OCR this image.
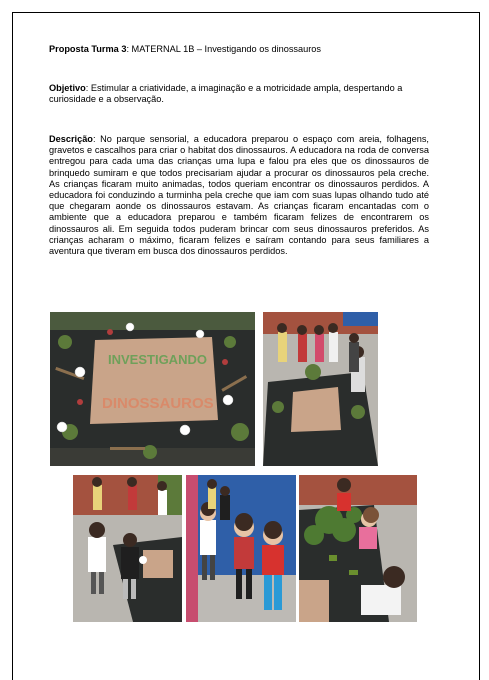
Proposta Turma 3: MATERNAL 1B – Investigando os dinossauros
Objetivo: Estimular a criatividade, a imaginação e a motricidade ampla, despertando a curiosidade e a observação.
Descrição: No parque sensorial, a educadora preparou o espaço com areia, folhagens, gravetos e cascalhos para criar o habitat dos dinossauros. A educadora na roda de conversa entregou para cada uma das crianças uma lupa e falou pra eles que os dinossauros de brinquedo sumiram e que todos precisariam ajudar a procurar os dinossauros pela creche. As crianças ficaram muito animadas, todos queriam encontrar os dinossauros perdidos. A educadora foi conduzindo a turminha pela creche que iam com suas lupas olhando tudo até que chegaram aonde os dinossauros estavam. As crianças ficaram encantadas com o ambiente que a educadora preparou e também ficaram felizes de encontrarem os dinossauros ali. Em seguida todos puderam brincar com seus dinossauros preferidos. As crianças acharam o máximo, ficaram felizes e saíram contando para seus familiares a aventura que tiveram em busca dos dinossauros perdidos.
INVESTIGANDO
DINOSSAUROS
